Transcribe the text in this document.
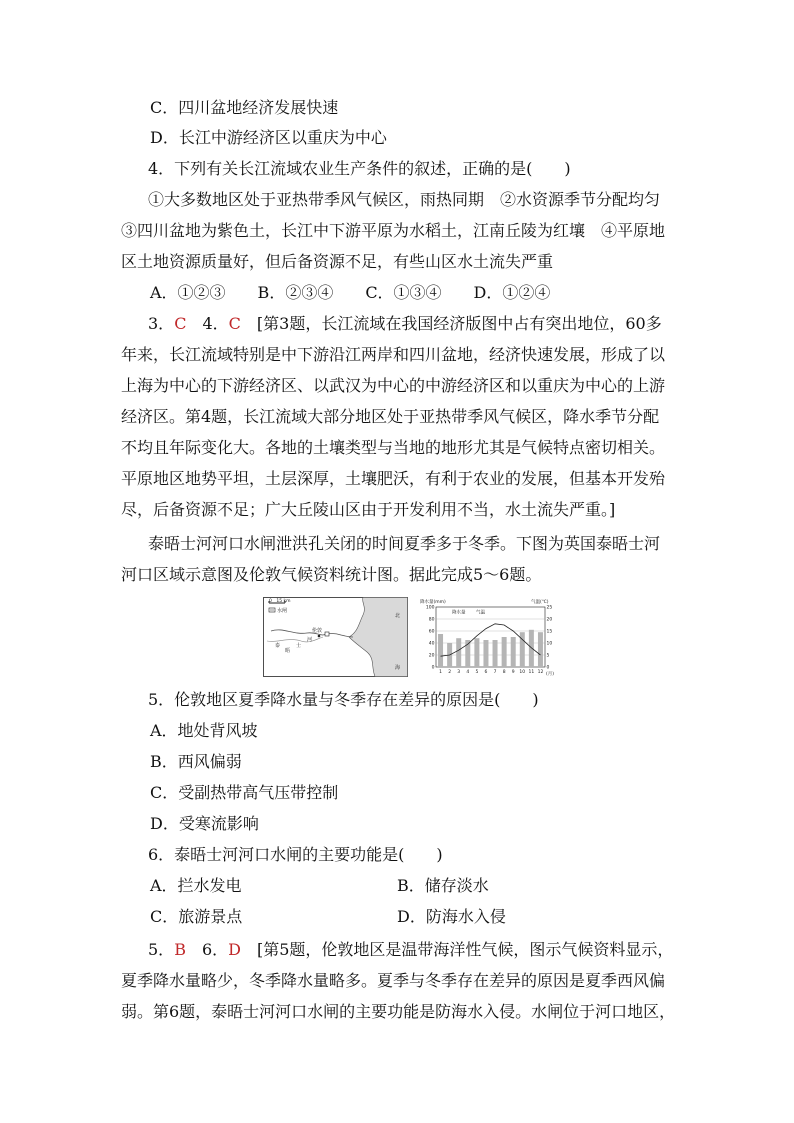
C．四川盆地经济发展快速
D．长江中游经济区以重庆为中心
4．下列有关长江流域农业生产条件的叙述，正确的是(　　)
①大多数地区处于亚热带季风气候区，雨热同期　②水资源季节分配均匀
③四川盆地为紫色土，长江中下游平原为水稻土，江南丘陵为红壤　④平原地
区土地资源质量好，但后备资源不足，有些山区水土流失严重
A．①②③　　B．②③④　　C．①③④　　D．①②④
3．C　 4．C　 [第3题，长江流域在我国经济版图中占有突出地位，60多
年来，长江流域特别是中下游沿江两岸和四川盆地，经济快速发展，形成了以
上海为中心的下游经济区、以武汉为中心的中游经济区和以重庆为中心的上游
经济区。第4题，长江流域大部分地区处于亚热带季风气候区，降水季节分配
不均且年际变化大。各地的土壤类型与当地的地形尤其是气候特点密切相关。
平原地区地势平坦，土层深厚，土壤肥沃，有利于农业的发展，但基本开发殆
尽，后备资源不足；广大丘陵山区由于开发利用不当，水土流失严重。]
泰晤士河河口水闸泄洪孔关闭的时间夏季多于冬季。下图为英国泰晤士河
河口区域示意图及伦敦气候资料统计图。据此完成5～6题。
0　15 km
水闸
伦敦
泰
晤
士
河
北
海
降水量(mm)	气温(℃)
100
80
60
40
20
0
25
20
15
10
5
0
1 2 3 4 5 6 7 8 9 10 11 12
降水量 气温
(月)
5．伦敦地区夏季降水量与冬季存在差异的原因是(　　)
A．地处背风坡
B．西风偏弱
C．受副热带高气压带控制
D．受寒流影响
6．泰晤士河河口水闸的主要功能是(　　)
A．拦水发电	B．储存淡水
C．旅游景点	D．防海水入侵
5．B　 6．D　 [第5题，伦敦地区是温带海洋性气候，图示气候资料显示，
夏季降水量略少，冬季降水量略多。夏季与冬季存在差异的原因是夏季西风偏
弱。第6题，泰晤士河河口水闸的主要功能是防海水入侵。水闸位于河口地区，
